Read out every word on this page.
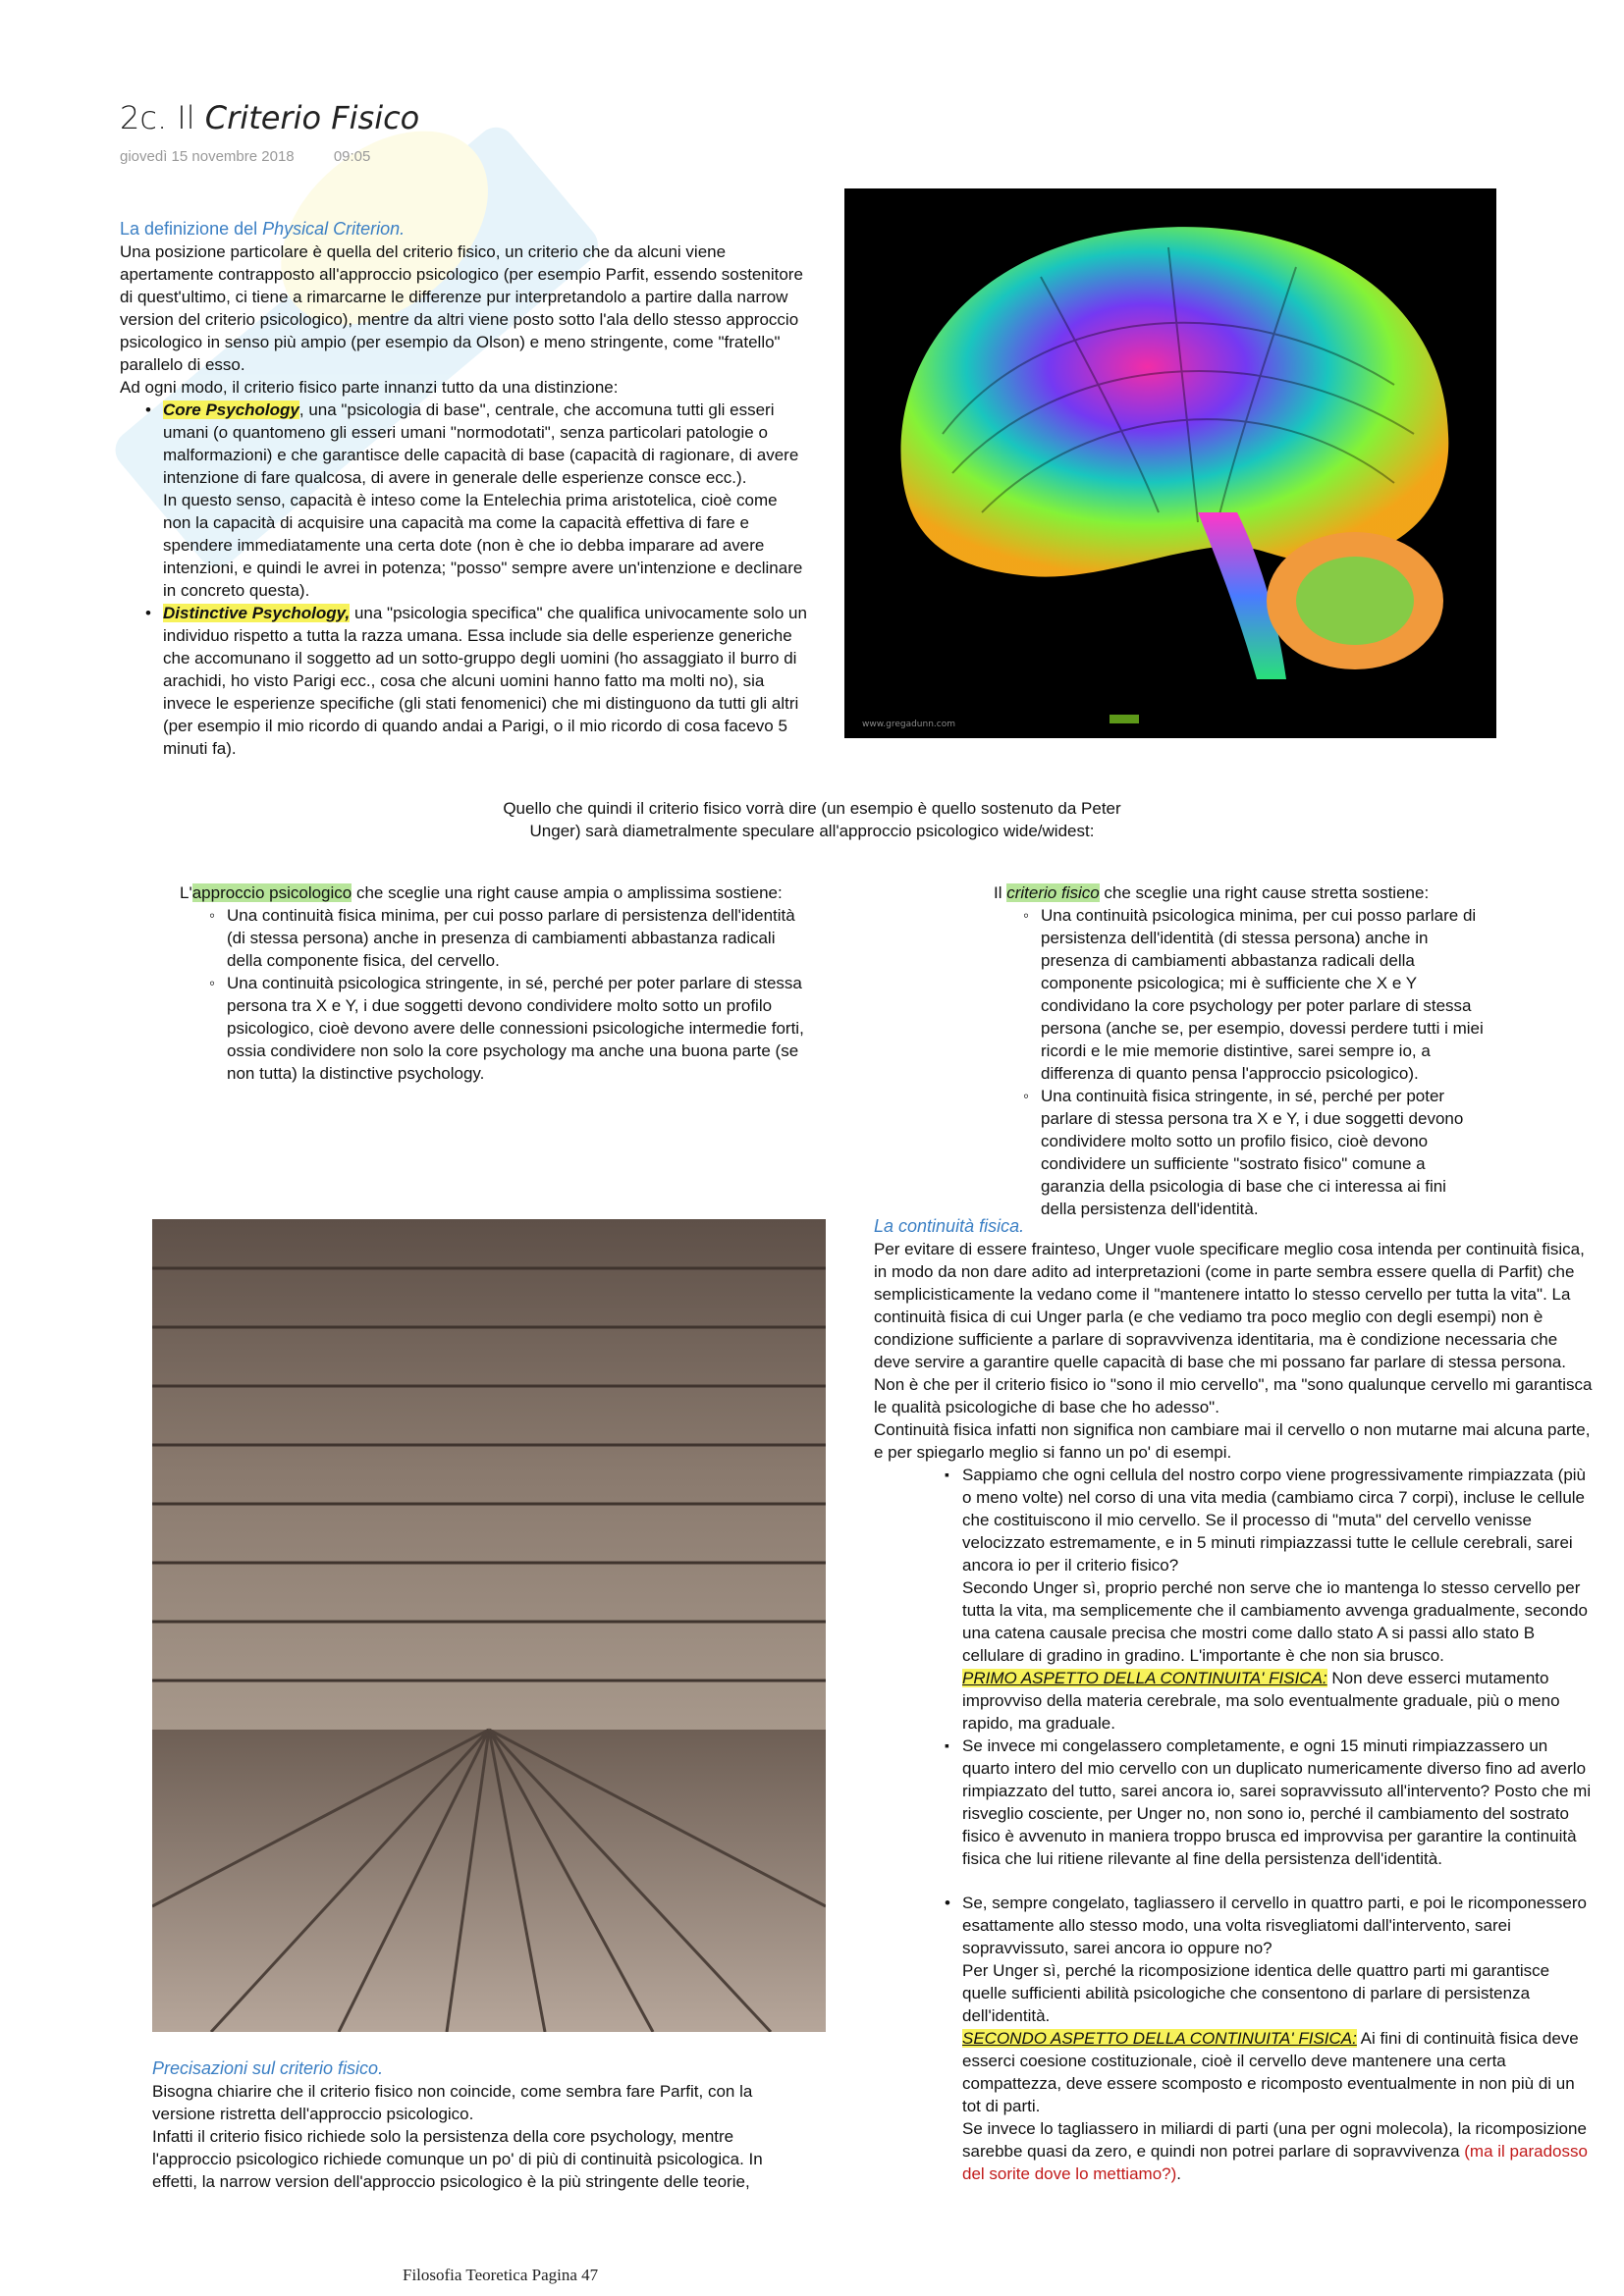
2c. Il Criterio Fisico
giovedì 15 novembre 2018	09:05

La definizione del Physical Criterion.

Una posizione particolare è quella del criterio fisico, un criterio che da alcuni viene apertamente contrapposto all'approccio psicologico (per esempio Parfit, essendo sostenitore di quest'ultimo, ci tiene a rimarcarne le differenze pur interpretandolo a partire dalla narrow version del criterio psicologico), mentre da altri viene posto sotto l'ala dello stesso approccio psicologico in senso più ampio (per esempio da Olson) e meno stringente, come "fratello" parallelo di esso.

Ad ogni modo, il criterio fisico parte innanzi tutto da una distinzione:

• Core Psychology, una "psicologia di base", centrale, che accomuna tutti gli esseri umani (o quantomeno gli esseri umani "normodotati", senza particolari patologie o malformazioni) e che garantisce delle capacità di base (capacità di ragionare, di avere intenzione di fare qualcosa, di avere in generale delle esperienze consce ecc.).
In questo senso, capacità è inteso come la Entelechia prima aristotelica, cioè come non la capacità di acquisire una capacità ma come la capacità effettiva di fare e spendere immediatamente una certa dote (non è che io debba imparare ad avere intenzioni, e quindi le avrei in potenza; "posso" sempre avere un'intenzione e declinare in concreto questa).
• Distinctive Psychology, una "psicologia specifica" che qualifica univocamente solo un individuo rispetto a tutta la razza umana. Essa include sia delle esperienze generiche che accomunano il soggetto ad un sotto-gruppo degli uomini (ho assaggiato il burro di arachidi, ho visto Parigi ecc., cosa che alcuni uomini hanno fatto ma molti no), sia invece le esperienze specifiche (gli stati fenomenici) che mi distinguono da tutti gli altri (per esempio il mio ricordo di quando andai a Parigi, o il mio ricordo di cosa facevo 5 minuti fa).
www.gregadunn.com

Quello che quindi il criterio fisico vorrà dire (un esempio è quello sostenuto da Peter

Unger) sarà diametralmente speculare all'approccio psicologico wide/widest:

L'approccio psicologico che sceglie una right cause ampia o amplissima sostiene:

◦ Una continuità fisica minima, per cui posso parlare di persistenza dell'identità (di stessa persona) anche in presenza di cambiamenti abbastanza radicali della componente fisica, del cervello.
◦ Una continuità psicologica stringente, in sé, perché per poter parlare di stessa persona tra X e Y, i due soggetti devono condividere molto sotto un profilo psicologico, cioè devono avere delle connessioni psicologiche intermedie forti, ossia condividere non solo la core psychology ma anche una buona parte (se non tutta) la distinctive psychology.

Il criterio fisico che sceglie una right cause stretta sostiene:

◦ Una continuità psicologica minima, per cui posso parlare di persistenza dell'identità (di stessa persona) anche in presenza di cambiamenti abbastanza radicali della componente psicologica; mi è sufficiente che X e Y condividano la core psychology per poter parlare di stessa persona (anche se, per esempio, dovessi perdere tutti i miei ricordi e le mie memorie distintive, sarei sempre io, a differenza di quanto pensa l'approccio psicologico).
◦ Una continuità fisica stringente, in sé, perché per poter parlare di stessa persona tra X e Y, i due soggetti devono condividere molto sotto un profilo fisico, cioè devono condividere un sufficiente "sostrato fisico" comune a garanzia della psicologia di base che ci interessa ai fini della persistenza dell'identità.

La continuità fisica.

Per evitare di essere frainteso, Unger vuole specificare meglio cosa intenda per continuità fisica, in modo da non dare adito ad interpretazioni (come in parte sembra essere quella di Parfit) che semplicisticamente la vedano come il "mantenere intatto lo stesso cervello per tutta la vita". La continuità fisica di cui Unger parla (e che vediamo tra poco meglio con degli esempi) non è condizione sufficiente a parlare di sopravvivenza identitaria, ma è condizione necessaria che deve servire a garantire quelle capacità di base che mi possano far parlare di stessa persona. Non è che per il criterio fisico io "sono il mio cervello", ma "sono qualunque cervello mi garantisca le qualità psicologiche di base che ho adesso".

Continuità fisica infatti non significa non cambiare mai il cervello o non mutarne mai alcuna parte, e per spiegarlo meglio si fanno un po' di esempi.

▪ Sappiamo che ogni cellula del nostro corpo viene progressivamente rimpiazzata (più o meno volte) nel corso di una vita media (cambiamo circa 7 corpi), incluse le cellule che costituiscono il mio cervello. Se il processo di "muta" del cervello venisse velocizzato estremamente, e in 5 minuti rimpiazzassi tutte le cellule cerebrali, sarei ancora io per il criterio fisico?
Secondo Unger sì, proprio perché non serve che io mantenga lo stesso cervello per tutta la vita, ma semplicemente che il cambiamento avvenga gradualmente, secondo una catena causale precisa che mostri come dallo stato A si passi allo stato B cellulare di gradino in gradino. L'importante è che non sia brusco.
PRIMO ASPETTO DELLA CONTINUITA' FISICA: Non deve esserci mutamento improvviso della materia cerebrale, ma solo eventualmente graduale, più o meno rapido, ma graduale.
▪ Se invece mi congelassero completamente, e ogni 15 minuti rimpiazzassero un quarto intero del mio cervello con un duplicato numericamente diverso fino ad averlo rimpiazzato del tutto, sarei ancora io, sarei sopravvissuto all'intervento? Posto che mi risveglio cosciente, per Unger no, non sono io, perché il cambiamento del sostrato fisico è avvenuto in maniera troppo brusca ed improvvisa per garantire la continuità fisica che lui ritiene rilevante al fine della persistenza dell'identità.
• Se, sempre congelato, tagliassero il cervello in quattro parti, e poi le ricomponessero esattamente allo stesso modo, una volta risvegliatomi dall'intervento, sarei sopravvissuto, sarei ancora io oppure no?
Per Unger sì, perché la ricomposizione identica delle quattro parti mi garantisce quelle sufficienti abilità psicologiche che consentono di parlare di persistenza dell'identità.
SECONDO ASPETTO DELLA CONTINUITA' FISICA: Ai fini di continuità fisica deve esserci coesione costituzionale, cioè il cervello deve mantenere una certa compattezza, deve essere scomposto e ricomposto eventualmente in non più di un tot di parti.
Se invece lo tagliassero in miliardi di parti (una per ogni molecola), la ricomposizione sarebbe quasi da zero, e quindi non potrei parlare di sopravvivenza (ma il paradosso del sorite dove lo mettiamo?).

Precisazioni sul criterio fisico.

Bisogna chiarire che il criterio fisico non coincide, come sembra fare Parfit, con la versione ristretta dell'approccio psicologico.

Infatti il criterio fisico richiede solo la persistenza della core psychology, mentre l'approccio psicologico richiede comunque un po' di più di continuità psicologica. In effetti, la narrow version dell'approccio psicologico è la più stringente delle teorie,

Filosofia Teoretica Pagina 47
